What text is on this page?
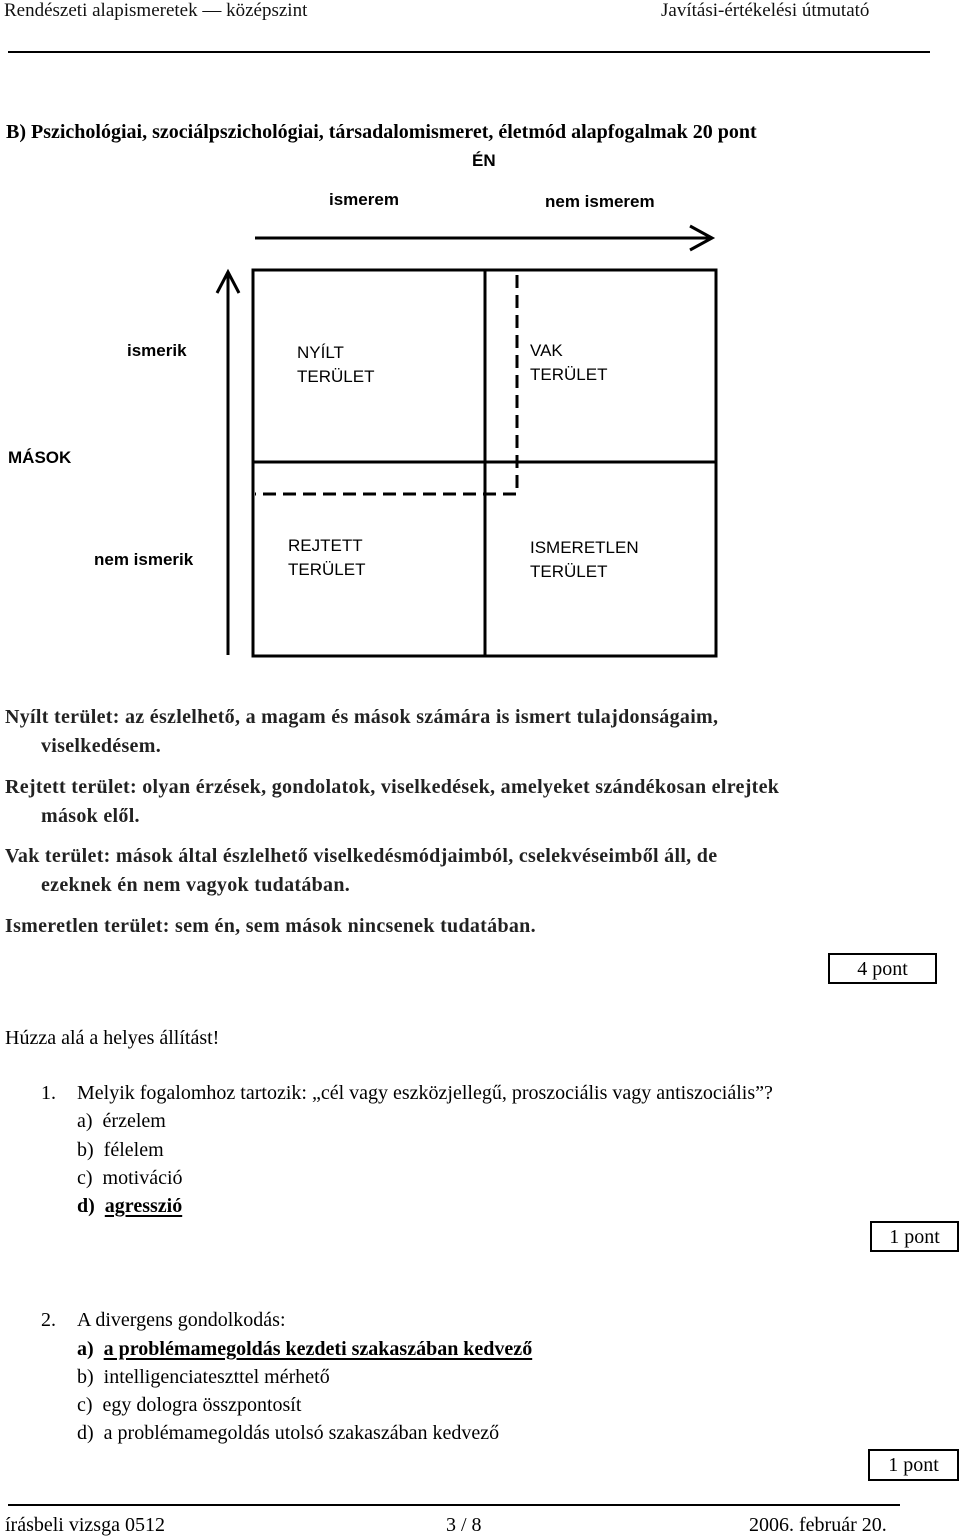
Rendészeti alapismeretek — középszint	Javítási-értékelési útmutató
B) Pszichológiai, szociálpszichológiai, társadalomismeret, életmód alapfogalmak 20 pont
ÉN
ismerem	nem ismerem
ismerik
MÁSOK
nem ismerik
NYÍLT
TERÜLET
VAK
TERÜLET
REJTETT
TERÜLET
ISMERETLEN
TERÜLET
Nyílt terület: az észlelhető, a magam és mások számára is ismert tulajdonságaim,
viselkedésem.
Rejtett terület: olyan érzések, gondolatok, viselkedések, amelyeket szándékosan elrejtek
mások elől.
Vak terület: mások által észlelhető viselkedésmódjaimból, cselekvéseimből áll, de
ezeknek én nem vagyok tudatában.
Ismeretlen terület: sem én, sem mások nincsenek tudatában.
4 pont
Húzza alá a helyes állítást!
1. Melyik fogalomhoz tartozik: „cél vagy eszközjellegű, proszociális vagy antiszociális”?
a) érzelem
b) félelem
c) motiváció
d) agresszió
1 pont
2. A divergens gondolkodás:
a) a problémamegoldás kezdeti szakaszában kedvező
b) intelligenciateszttel mérhető
c) egy dologra összpontosít
d) a problémamegoldás utolsó szakaszában kedvező
1 pont
írásbeli vizsga 0512	3 / 8	2006. február 20.
